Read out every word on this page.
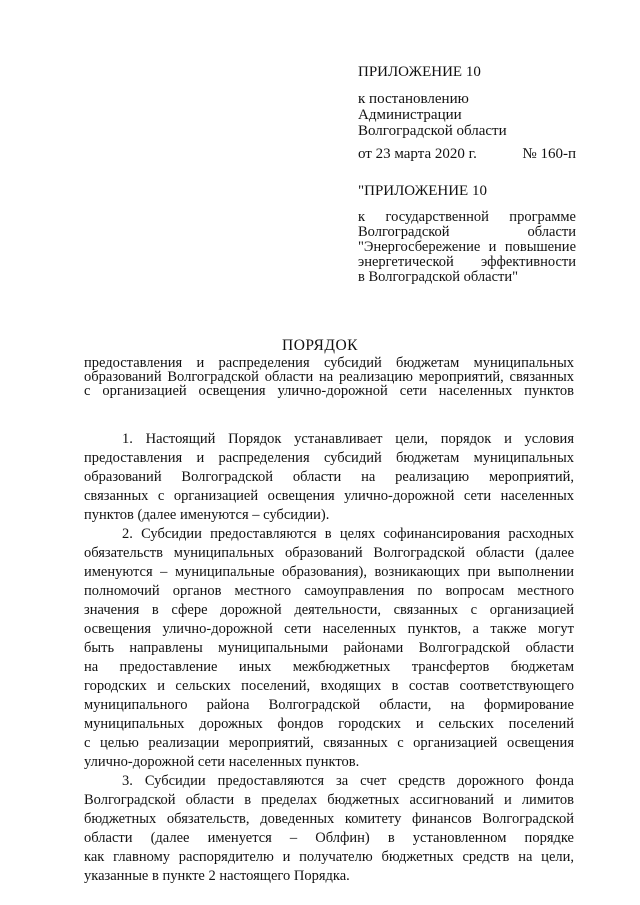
ПРИЛОЖЕНИЕ 10
к постановлению
Администрации
Волгоградской области
от 23 марта 2020 г.	№ 160-п
"ПРИЛОЖЕНИЕ 10
к государственной программе
Волгоградской области
"Энергосбережение и повышение
энергетической эффективности
в Волгоградской области"
ПОРЯДОК
предоставления и распределения субсидий бюджетам муниципальных
образований Волгоградской области на реализацию мероприятий, связанных
с организацией освещения улично-дорожной сети населенных пунктов
1. Настоящий Порядок устанавливает цели, порядок и условия
предоставления и распределения субсидий бюджетам муниципальных
образований Волгоградской области на реализацию мероприятий,
связанных с организацией освещения улично-дорожной сети населенных
пунктов (далее именуются – субсидии).
2. Субсидии предоставляются в целях софинансирования расходных
обязательств муниципальных образований Волгоградской области (далее
именуются – муниципальные образования), возникающих при выполнении
полномочий органов местного самоуправления по вопросам местного
значения в сфере дорожной деятельности, связанных с организацией
освещения улично-дорожной сети населенных пунктов, а также могут
быть направлены муниципальными районами Волгоградской области
на предоставление иных межбюджетных трансфертов бюджетам
городских и сельских поселений, входящих в состав соответствующего
муниципального района Волгоградской области, на формирование
муниципальных дорожных фондов городских и сельских поселений
с целью реализации мероприятий, связанных с организацией освещения
улично-дорожной сети населенных пунктов.
3. Субсидии предоставляются за счет средств дорожного фонда
Волгоградской области в пределах бюджетных ассигнований и лимитов
бюджетных обязательств, доведенных комитету финансов Волгоградской
области (далее именуется – Облфин) в установленном порядке
как главному распорядителю и получателю бюджетных средств на цели,
указанные в пункте 2 настоящего Порядка.
